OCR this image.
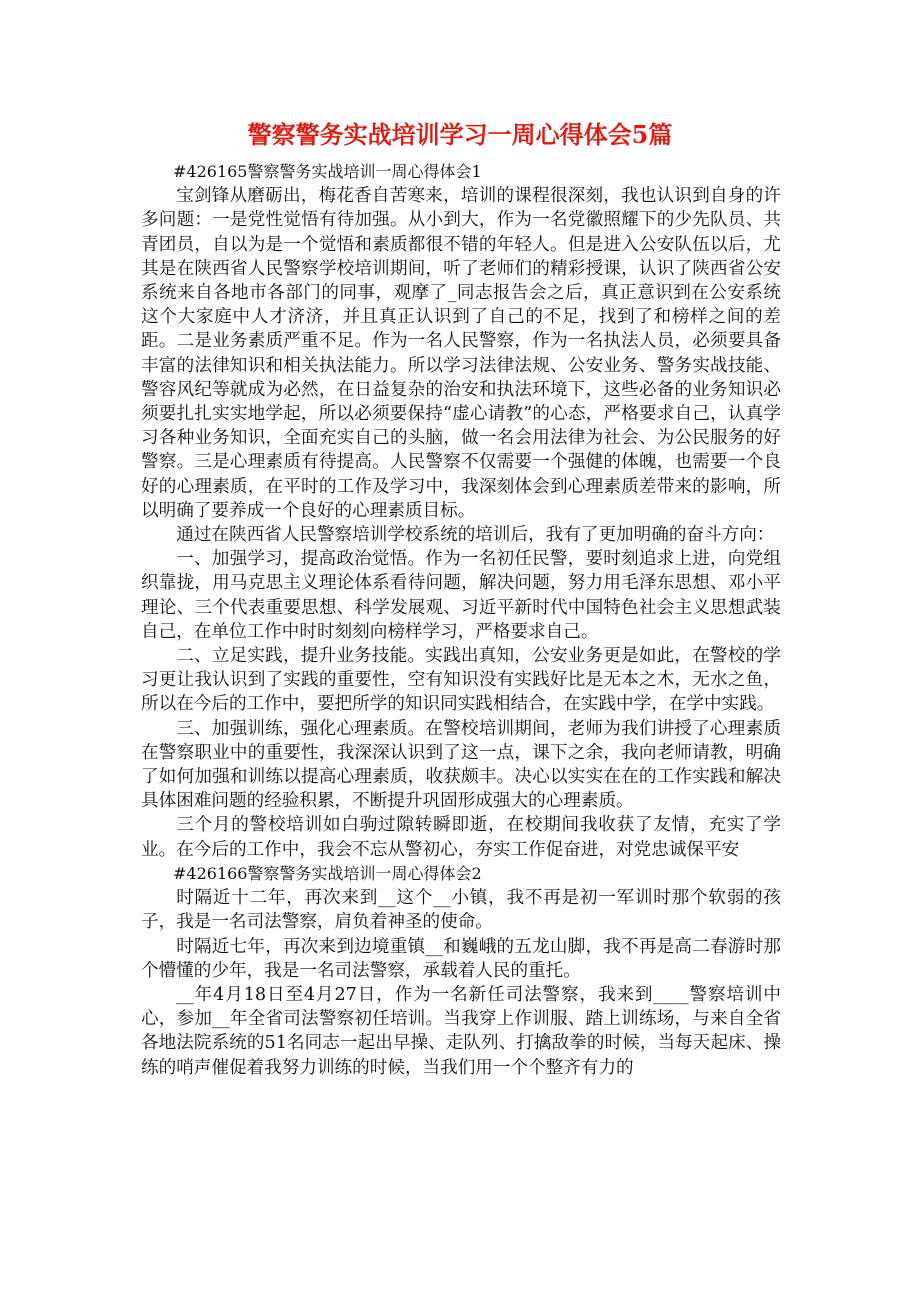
警察警务实战培训学习一周心得体会5篇

#426165警察警务实战培训一周心得体会1

宝剑锋从磨砺出，梅花香自苦寒来，培训的课程很深刻，我也认识到自身的许多问题：一是党性觉悟有待加强。从小到大，作为一名党徽照耀下的少先队员、共青团员，自以为是一个觉悟和素质都很不错的年轻人。但是进入公安队伍以后，尤其是在陕西省人民警察学校培训期间，听了老师们的精彩授课，认识了陕西省公安系统来自各地市各部门的同事，观摩了_同志报告会之后，真正意识到在公安系统这个大家庭中人才济济，并且真正认识到了自己的不足，找到了和榜样之间的差距。二是业务素质严重不足。作为一名人民警察，作为一名执法人员，必须要具备丰富的法律知识和相关执法能力。所以学习法律法规、公安业务、警务实战技能、警容风纪等就成为必然，在日益复杂的治安和执法环境下，这些必备的业务知识必须要扎扎实实地学起，所以必须要保持“虚心请教”的心态，严格要求自己，认真学习各种业务知识，全面充实自己的头脑，做一名会用法律为社会、为公民服务的好警察。三是心理素质有待提高。人民警察不仅需要一个强健的体魄，也需要一个良好的心理素质，在平时的工作及学习中，我深刻体会到心理素质差带来的影响，所以明确了要养成一个良好的心理素质目标。

通过在陕西省人民警察培训学校系统的培训后，我有了更加明确的奋斗方向：

一、加强学习，提高政治觉悟。作为一名初任民警，要时刻追求上进，向党组织靠拢，用马克思主义理论体系看待问题，解决问题，努力用毛泽东思想、邓小平理论、三个代表重要思想、科学发展观、习近平新时代中国特色社会主义思想武装自己，在单位工作中时时刻刻向榜样学习，严格要求自己。

二、立足实践，提升业务技能。实践出真知，公安业务更是如此，在警校的学习更让我认识到了实践的重要性，空有知识没有实践好比是无本之木，无水之鱼，所以在今后的工作中，要把所学的知识同实践相结合，在实践中学，在学中实践。

三、加强训练，强化心理素质。在警校培训期间，老师为我们讲授了心理素质在警察职业中的重要性，我深深认识到了这一点，课下之余，我向老师请教，明确了如何加强和训练以提高心理素质，收获颇丰。决心以实实在在的工作实践和解决具体困难问题的经验积累，不断提升巩固形成强大的心理素质。

三个月的警校培训如白驹过隙转瞬即逝，在校期间我收获了友情，充实了学业。在今后的工作中，我会不忘从警初心，夯实工作促奋进，对党忠诚保平安

#426166警察警务实战培训一周心得体会2

时隔近十二年，再次来到__这个__小镇，我不再是初一军训时那个软弱的孩子，我是一名司法警察，肩负着神圣的使命。

时隔近七年，再次来到边境重镇__和巍峨的五龙山脚，我不再是高二春游时那个懵懂的少年，我是一名司法警察，承载着人民的重托。

__年4月18日至4月27日，作为一名新任司法警察，我来到____警察培训中心，参加__年全省司法警察初任培训。当我穿上作训服、踏上训练场，与来自全省各地法院系统的51名同志一起出早操、走队列、打擒敌拳的时候，当每天起床、操练的哨声催促着我努力训练的时候，当我们用一个个整齐有力的
